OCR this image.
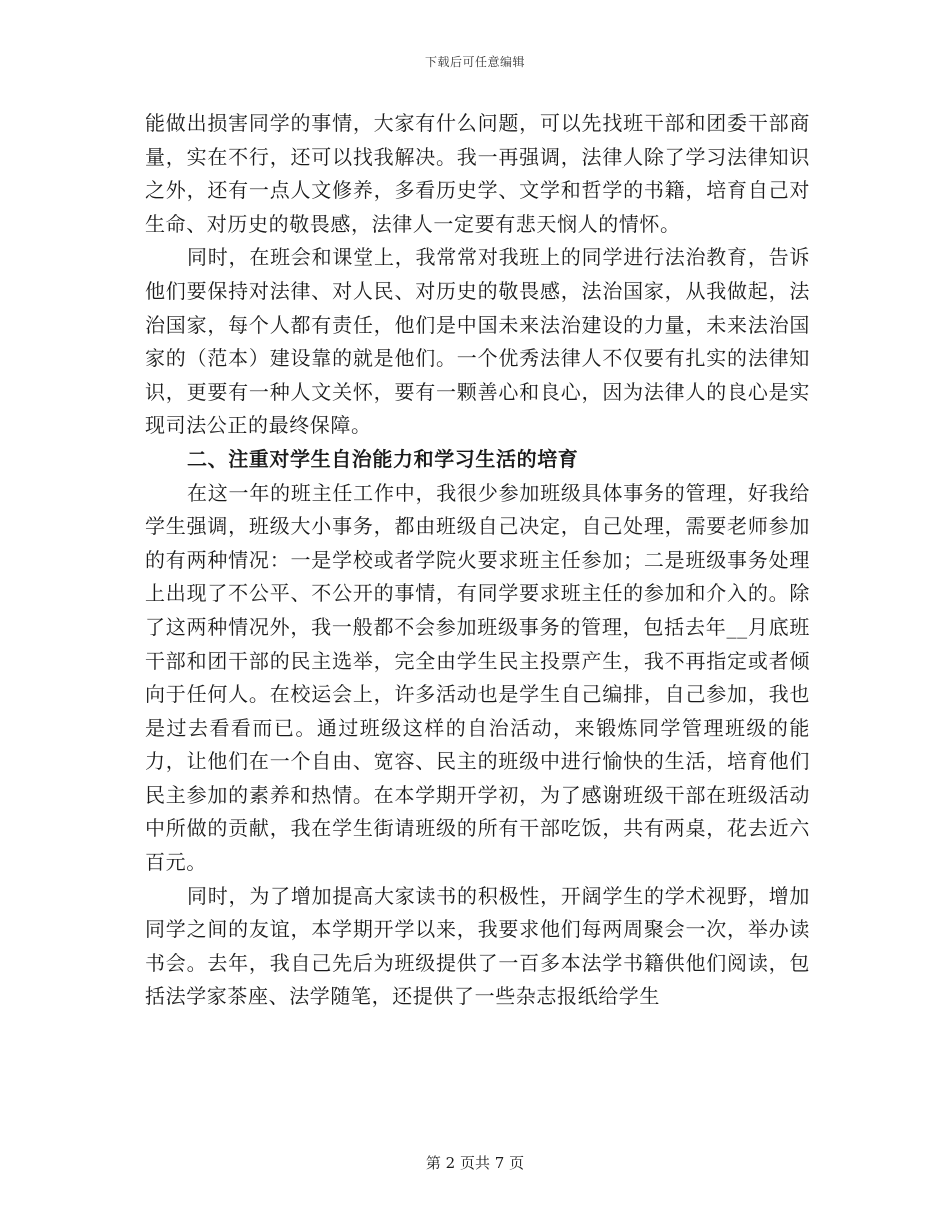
下载后可任意编辑

能做出损害同学的事情，大家有什么问题，可以先找班干部和团委干部商量，实在不行，还可以找我解决。我一再强调，法律人除了学习法律知识之外，还有一点人文修养，多看历史学、文学和哲学的书籍，培育自己对生命、对历史的敬畏感，法律人一定要有悲天悯人的情怀。

同时，在班会和课堂上，我常常对我班上的同学进行法治教育，告诉他们要保持对法律、对人民、对历史的敬畏感，法治国家，从我做起，法治国家，每个人都有责任，他们是中国未来法治建设的力量，未来法治国家的（范本）建设靠的就是他们。一个优秀法律人不仅要有扎实的法律知识，更要有一种人文关怀，要有一颗善心和良心，因为法律人的良心是实现司法公正的最终保障。

二、注重对学生自治能力和学习生活的培育

在这一年的班主任工作中，我很少参加班级具体事务的管理，好我给学生强调，班级大小事务，都由班级自己决定，自己处理，需要老师参加的有两种情况：一是学校或者学院火要求班主任参加；二是班级事务处理上出现了不公平、不公开的事情，有同学要求班主任的参加和介入的。除了这两种情况外，我一般都不会参加班级事务的管理，包括去年__月底班干部和团干部的民主选举，完全由学生民主投票产生，我不再指定或者倾向于任何人。在校运会上，许多活动也是学生自己编排，自己参加，我也是过去看看而已。通过班级这样的自治活动，来锻炼同学管理班级的能力，让他们在一个自由、宽容、民主的班级中进行愉快的生活，培育他们民主参加的素养和热情。在本学期开学初，为了感谢班级干部在班级活动中所做的贡献，我在学生街请班级的所有干部吃饭，共有两桌，花去近六百元。

同时，为了增加提高大家读书的积极性，开阔学生的学术视野，增加同学之间的友谊，本学期开学以来，我要求他们每两周聚会一次，举办读书会。去年，我自己先后为班级提供了一百多本法学书籍供他们阅读，包括法学家茶座、法学随笔，还提供了一些杂志报纸给学生

第 2 页共 7 页
